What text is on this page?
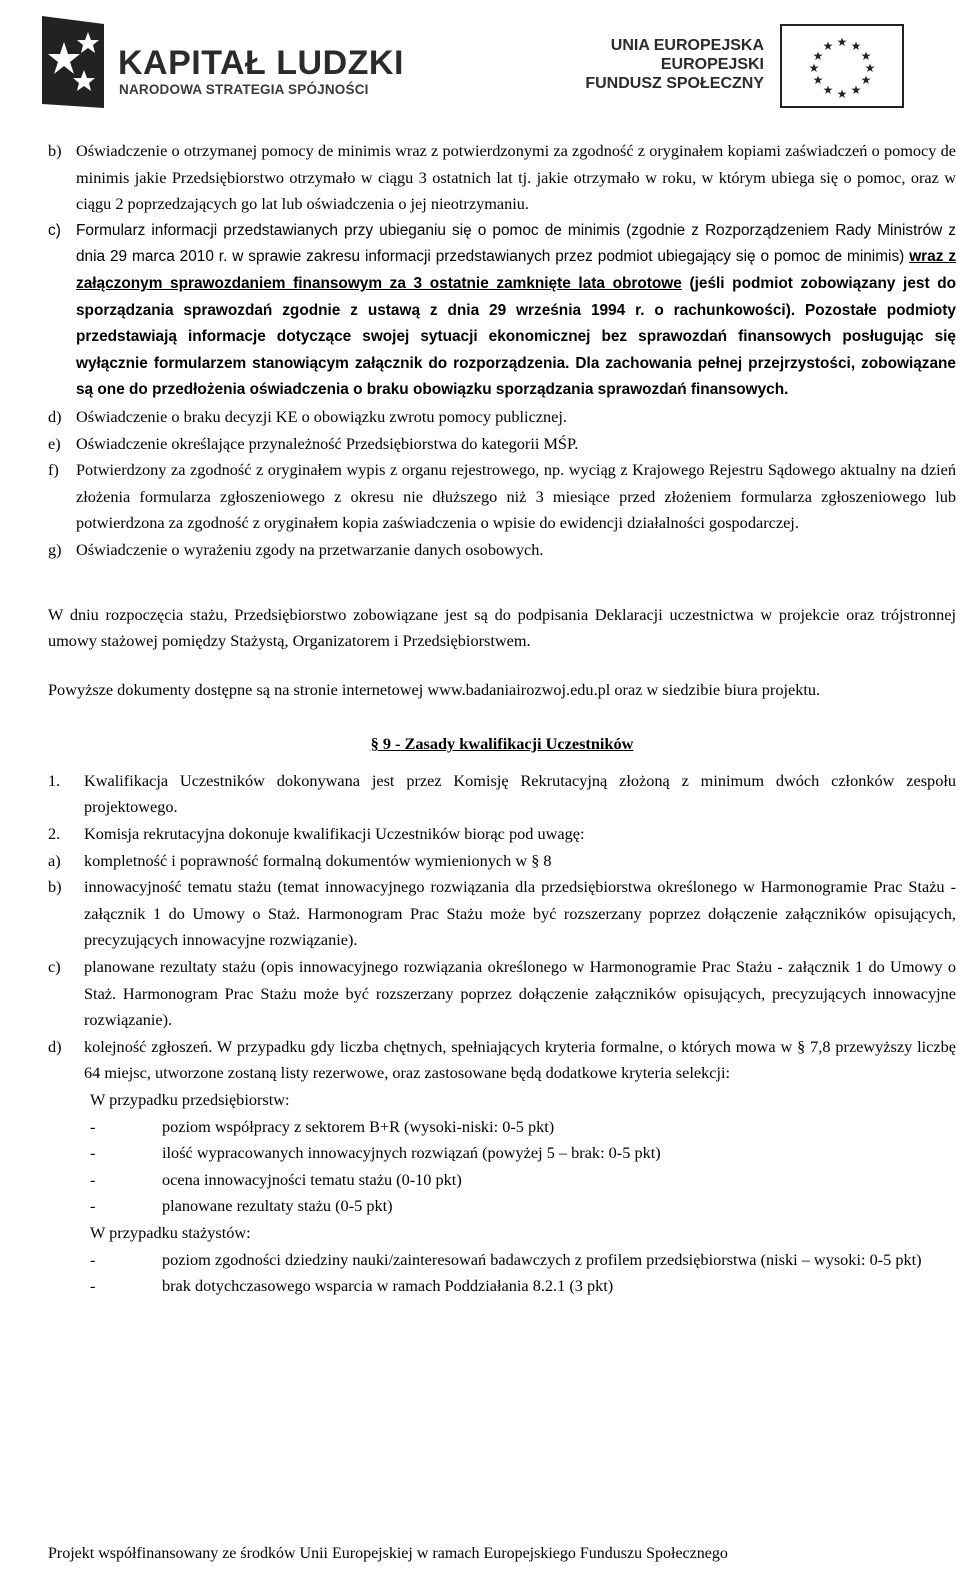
KAPITAŁ LUDZKI
NARODOWA STRATEGIA SPÓJNOŚCI
UNIA EUROPEJSKA
EUROPEJSKI
FUNDUSZ SPOŁECZNY
★ ★
★
★
★
★
★
★
★
★
★
★
b) Oświadczenie o otrzymanej pomocy de minimis wraz z potwierdzonymi za zgodność z oryginałem kopiami zaświadczeń o pomocy de minimis jakie Przedsiębiorstwo otrzymało w ciągu 3 ostatnich lat tj. jakie otrzymało w roku, w którym ubiega się o pomoc, oraz w ciągu 2 poprzedzających go lat lub oświadczenia o jej nieotrzymaniu.
c) Formularz informacji przedstawianych przy ubieganiu się o pomoc de minimis (zgodnie z Rozporządzeniem Rady Ministrów z dnia 29 marca 2010 r. w sprawie zakresu informacji przedstawianych przez podmiot ubiegający się o pomoc de minimis) wraz z załączonym sprawozdaniem finansowym za 3 ostatnie zamknięte lata obrotowe (jeśli podmiot zobowiązany jest do sporządzania sprawozdań zgodnie z ustawą z dnia 29 września 1994 r. o rachunkowości). Pozostałe podmioty przedstawiają informacje dotyczące swojej sytuacji ekonomicznej bez sprawozdań finansowych posługując się wyłącznie formularzem stanowiącym załącznik do rozporządzenia. Dla zachowania pełnej przejrzystości, zobowiązane są one do przedłożenia oświadczenia o braku obowiązku sporządzania sprawozdań finansowych.
d) Oświadczenie o braku decyzji KE o obowiązku zwrotu pomocy publicznej.
e) Oświadczenie określające przynależność Przedsiębiorstwa do kategorii MŚP.
f)	Potwierdzony za zgodność z oryginałem wypis z organu rejestrowego, np. wyciąg z Krajowego Rejestru Sądowego aktualny na dzień złożenia formularza zgłoszeniowego z okresu nie dłuższego niż 3 miesiące przed złożeniem formularza zgłoszeniowego lub potwierdzona za zgodność z oryginałem kopia zaświadczenia o wpisie do ewidencji działalności gospodarczej.
g) Oświadczenie o wyrażeniu zgody na przetwarzanie danych osobowych.

W dniu rozpoczęcia stażu, Przedsiębiorstwo zobowiązane jest są do podpisania Deklaracji uczestnictwa w projekcie oraz trójstronnej umowy stażowej pomiędzy Stażystą, Organizatorem i Przedsiębiorstwem.

Powyższe dokumenty dostępne są na stronie internetowej www.badaniairozwoj.edu.pl oraz w siedzibie biura projektu.

§ 9 - Zasady kwalifikacji Uczestników
1.	Kwalifikacja Uczestników dokonywana jest przez Komisję Rekrutacyjną złożoną z minimum dwóch członków zespołu projektowego.
2.	Komisja rekrutacyjna dokonuje kwalifikacji Uczestników biorąc pod uwagę:
a)	kompletność i poprawność formalną dokumentów wymienionych w § 8
b)	innowacyjność tematu stażu (temat innowacyjnego rozwiązania dla przedsiębiorstwa określonego w Harmonogramie Prac Stażu - załącznik 1 do Umowy o Staż. Harmonogram Prac Stażu może być rozszerzany poprzez dołączenie załączników opisujących, precyzujących innowacyjne rozwiązanie).
c)	planowane rezultaty stażu (opis innowacyjnego rozwiązania określonego w Harmonogramie Prac Stażu - załącznik 1 do Umowy o Staż. Harmonogram Prac Stażu może być rozszerzany poprzez dołączenie załączników opisujących, precyzujących innowacyjne rozwiązanie).
d)	kolejność zgłoszeń. W przypadku gdy liczba chętnych, spełniających kryteria formalne, o których mowa w § 7,8 przewyższy liczbę 64 miejsc, utworzone zostaną listy rezerwowe, oraz zastosowane będą dodatkowe kryteria selekcji:
W przypadku przedsiębiorstw:
-	poziom współpracy z sektorem B+R (wysoki-niski: 0-5 pkt)
-	ilość wypracowanych innowacyjnych rozwiązań (powyżej 5 – brak: 0-5 pkt)
-	ocena innowacyjności tematu stażu (0-10 pkt)
-	planowane rezultaty stażu (0-5 pkt)
W przypadku stażystów:
-	poziom zgodności dziedziny nauki/zainteresowań badawczych z profilem przedsiębiorstwa (niski – wysoki: 0-5 pkt)
-	brak dotychczasowego wsparcia w ramach Poddziałania 8.2.1 (3 pkt)
Projekt współfinansowany ze środków Unii Europejskiej w ramach Europejskiego Funduszu Społecznego
